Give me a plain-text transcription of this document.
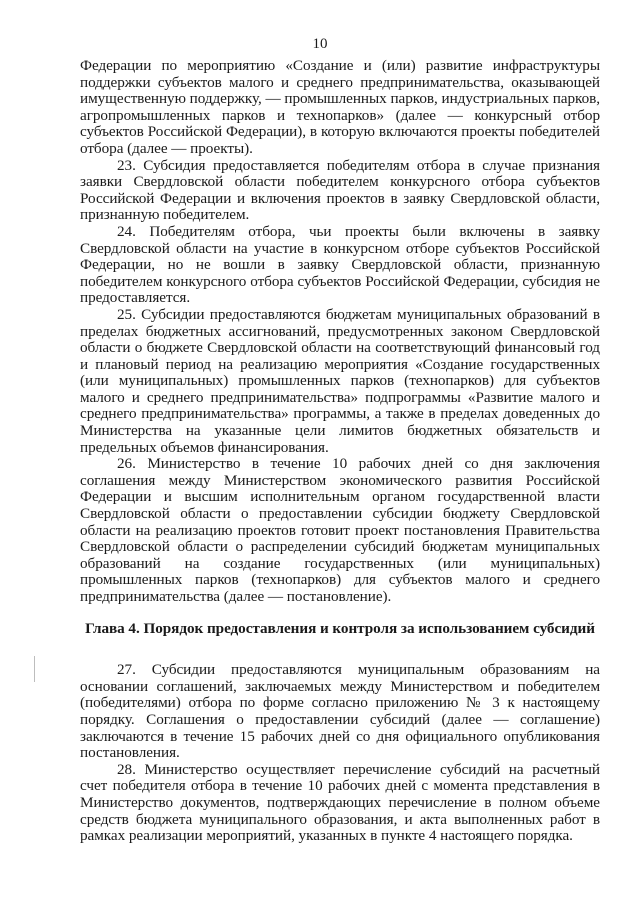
10

Федерации по мероприятию «Создание и (или) развитие инфраструктуры поддержки субъектов малого и среднего предпринимательства, оказывающей имущественную поддержку, — промышленных парков, индустриальных парков, агропромышленных парков и технопарков» (далее — конкурсный отбор субъектов Российской Федерации), в которую включаются проекты победителей отбора (далее — проекты).

23. Субсидия предоставляется победителям отбора в случае признания заявки Свердловской области победителем конкурсного отбора субъектов Российской Федерации и включения проектов в заявку Свердловской области, признанную победителем.

24. Победителям отбора, чьи проекты были включены в заявку Свердловской области на участие в конкурсном отборе субъектов Российской Федерации, но не вошли в заявку Свердловской области, признанную победителем конкурсного отбора субъектов Российской Федерации, субсидия не предоставляется.

25. Субсидии предоставляются бюджетам муниципальных образований в пределах бюджетных ассигнований, предусмотренных законом Свердловской области о бюджете Свердловской области на соответствующий финансовый год и плановый период на реализацию мероприятия «Создание государственных (или муниципальных) промышленных парков (технопарков) для субъектов малого и среднего предпринимательства» подпрограммы «Развитие малого и среднего предпринимательства» программы, а также в пределах доведенных до Министерства на указанные цели лимитов бюджетных обязательств и предельных объемов финансирования.

26. Министерство в течение 10 рабочих дней со дня заключения соглашения между Министерством экономического развития Российской Федерации и высшим исполнительным органом государственной власти Свердловской области о предоставлении субсидии бюджету Свердловской области на реализацию проектов готовит проект постановления Правительства Свердловской области о распределении субсидий бюджетам муниципальных образований на создание государственных (или муниципальных) промышленных парков (технопарков) для субъектов малого и среднего предпринимательства (далее — постановление).

Глава 4. Порядок предоставления и контроля за использованием субсидий

27. Субсидии предоставляются муниципальным образованиям на основании соглашений, заключаемых между Министерством и победителем (победителями) отбора по форме согласно приложению № 3 к настоящему порядку. Соглашения о предоставлении субсидий (далее — соглашение) заключаются в течение 15 рабочих дней со дня официального опубликования постановления.

28. Министерство осуществляет перечисление субсидий на расчетный счет победителя отбора в течение 10 рабочих дней с момента представления в Министерство документов, подтверждающих перечисление в полном объеме средств бюджета муниципального образования, и акта выполненных работ в рамках реализации мероприятий, указанных в пункте 4 настоящего порядка.
